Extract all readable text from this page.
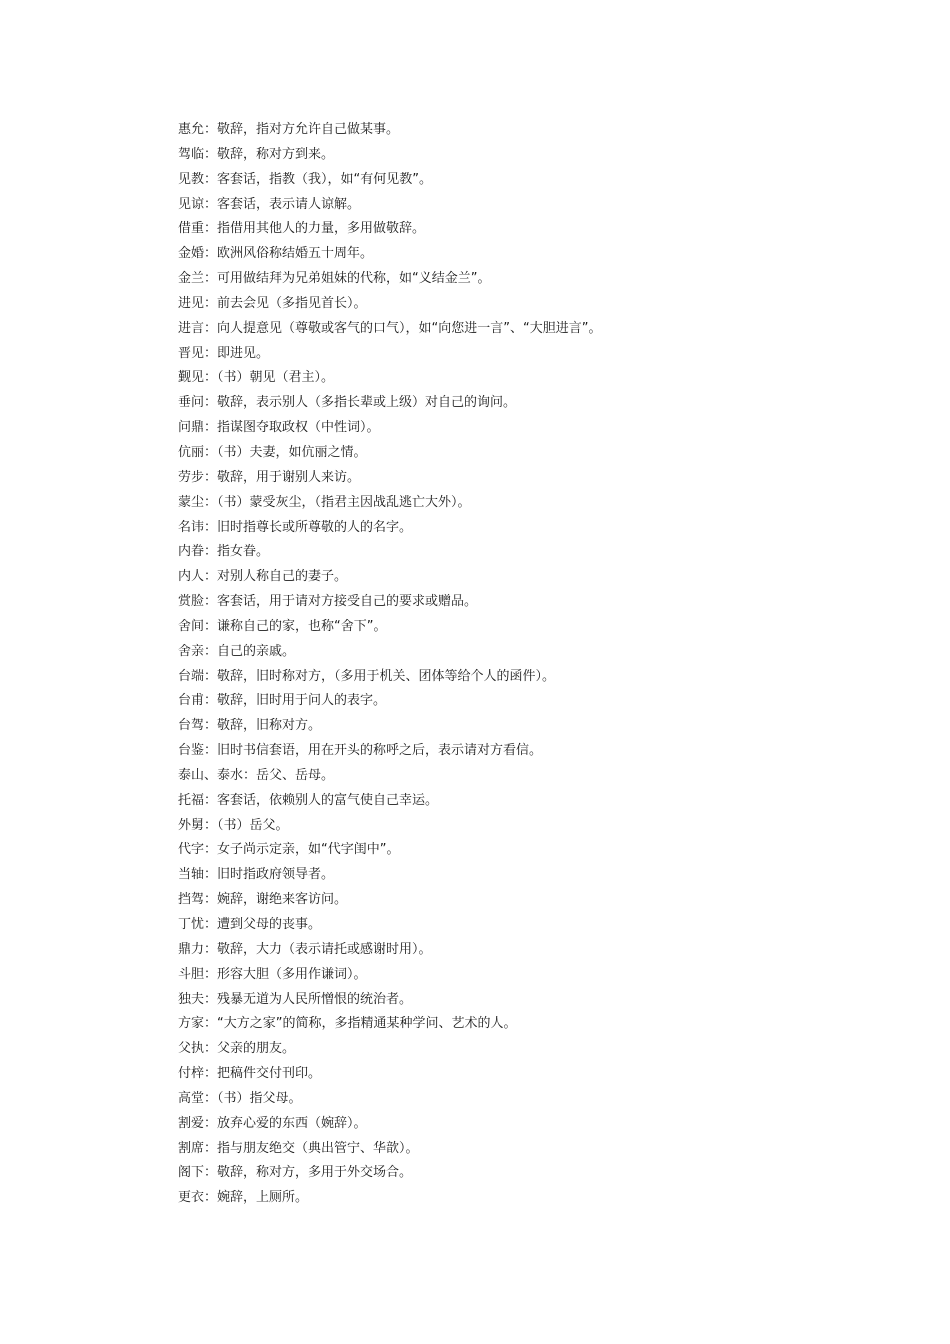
惠允：敬辞，指对方允许自己做某事。
驾临：敬辞，称对方到来。
见教：客套话，指教（我），如“有何见教”。
见谅：客套话，表示请人谅解。
借重：指借用其他人的力量，多用做敬辞。
金婚：欧洲风俗称结婚五十周年。
金兰：可用做结拜为兄弟姐妹的代称，如“义结金兰”。
进见：前去会见（多指见首长）。
进言：向人提意见（尊敬或客气的口气），如“向您进一言”、“大胆进言”。
晋见：即进见。
觐见：（书）朝见（君主）。
垂问：敬辞，表示别人（多指长辈或上级）对自己的询问。
问鼎：指谋图夺取政权（中性词）。
伉丽：（书）夫妻，如伉丽之情。
劳步：敬辞，用于谢别人来访。
蒙尘：（书）蒙受灰尘，（指君主因战乱逃亡大外）。
名讳：旧时指尊长或所尊敬的人的名字。
内眷：指女眷。
内人：对别人称自己的妻子。
赏脸：客套话，用于请对方接受自己的要求或赠品。
舍间：谦称自己的家，也称“舍下”。
舍亲：自己的亲戚。
台端：敬辞，旧时称对方，（多用于机关、团体等给个人的函件）。
台甫：敬辞，旧时用于问人的表字。
台驾：敬辞，旧称对方。
台鉴：旧时书信套语，用在开头的称呼之后，表示请对方看信。
泰山、泰水：岳父、岳母。
托福：客套话，依赖别人的富气使自己幸运。
外舅：（书）岳父。
代字：女子尚示定亲，如“代字闺中”。
当轴：旧时指政府领导者。
挡驾：婉辞，谢绝来客访问。
丁忧：遭到父母的丧事。
鼎力：敬辞，大力（表示请托或感谢时用）。
斗胆：形容大胆（多用作谦词）。
独夫：残暴无道为人民所憎恨的统治者。
方家：“大方之家”的简称，多指精通某种学问、艺术的人。
父执：父亲的朋友。
付梓：把稿件交付刊印。
高堂：（书）指父母。
割爱：放弃心爱的东西（婉辞）。
割席：指与朋友绝交（典出管宁、华歆）。
阁下：敬辞，称对方，多用于外交场合。
更衣：婉辞，上厕所。
